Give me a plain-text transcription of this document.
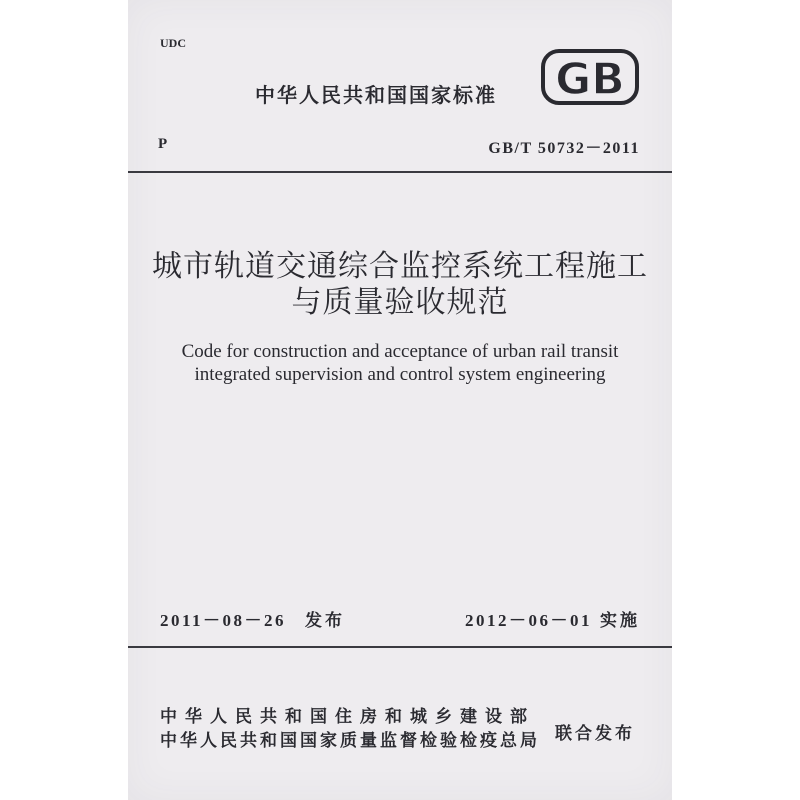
UDC
中华人民共和国国家标准 GB
P	GB/T 50732－2011
城市轨道交通综合监控系统工程施工
与质量验收规范
Code for construction and acceptance of urban rail transit
integrated supervision and control system engineering
2011－08－26 发布	2012－06－01 实施
中华人民共和国住房和城乡建设部
中华人民共和国国家质量监督检验检疫总局 联合发布
